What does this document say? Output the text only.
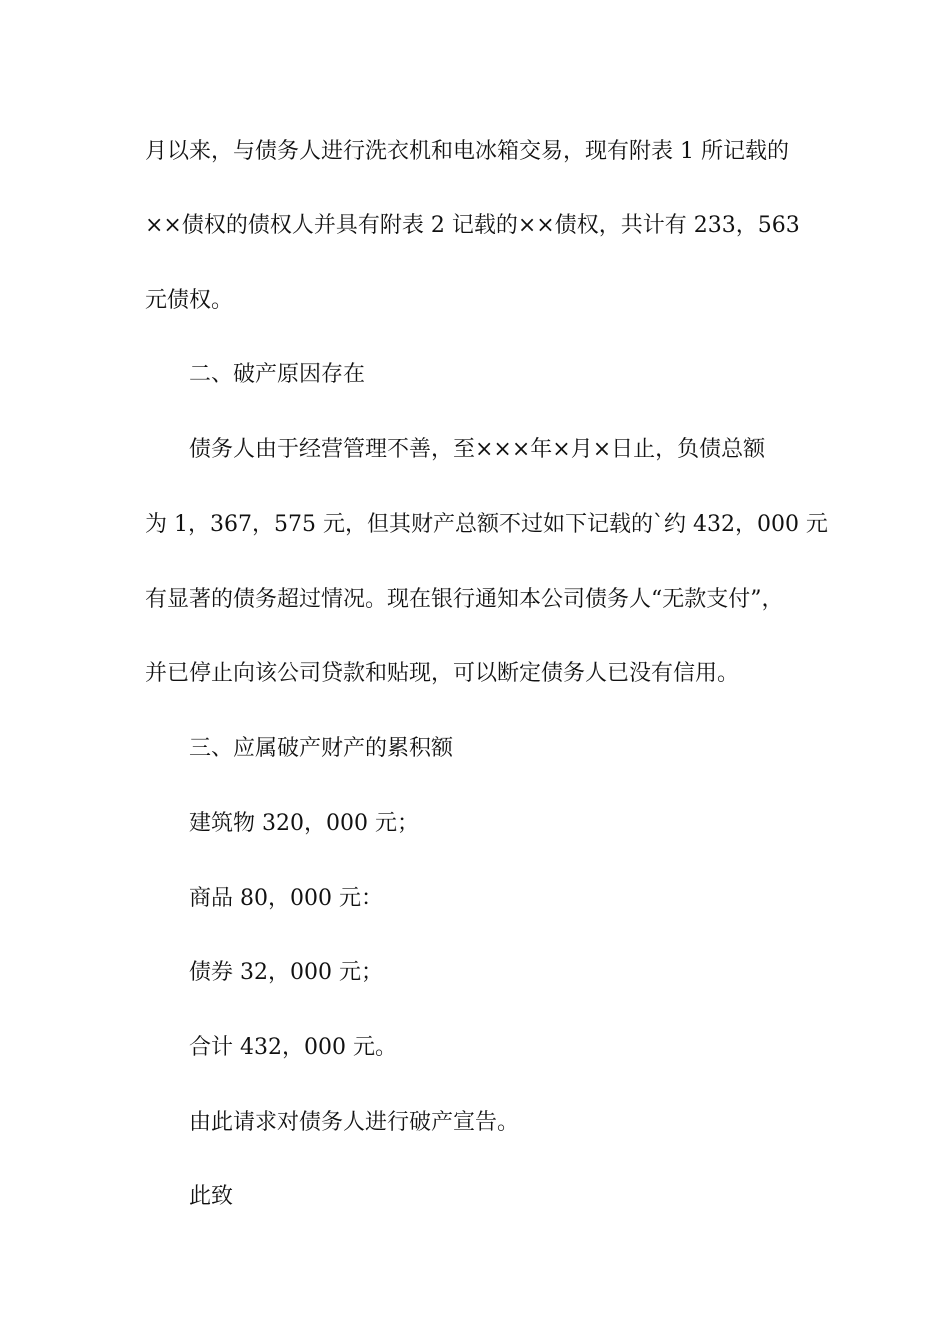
月以来，与债务人进行洗衣机和电冰箱交易，现有附表 1 所记载的
××债权的债权人并具有附表 2 记载的××债权，共计有 233，563
元债权。
二、破产原因存在
债务人由于经营管理不善，至×××年×月×日止，负债总额
为 1，367，575 元，但其财产总额不过如下记载的`约 432，000 元
有显著的债务超过情况。现在银行通知本公司债务人“无款支付”，
并已停止向该公司贷款和贴现，可以断定债务人已没有信用。
三、应属破产财产的累积额
建筑物 320，000 元；
商品 80，000 元：
债券 32，000 元；
合计 432，000 元。
由此请求对债务人进行破产宣告。
此致
